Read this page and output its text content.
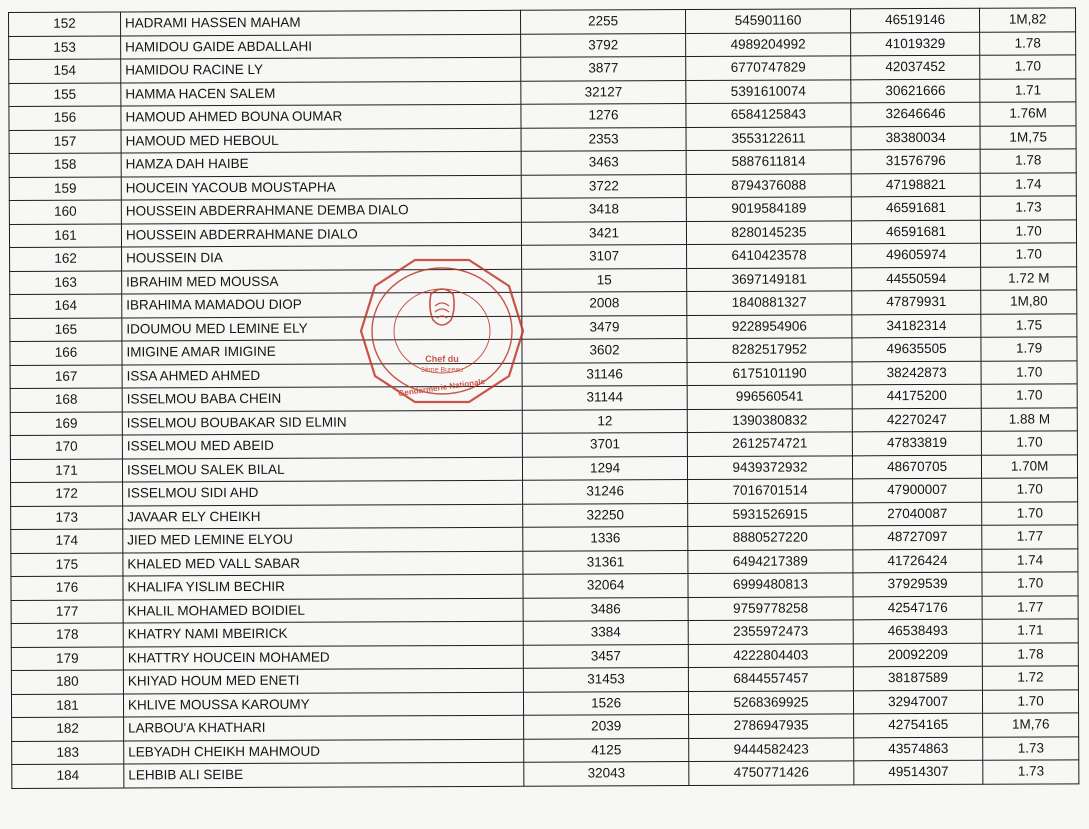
152	HADRAMI HASSEN MAHAM	2255	545901160	46519146	1M,82
153	HAMIDOU GAIDE ABDALLAHI	3792	4989204992	41019329	1.78
154	HAMIDOU RACINE LY	3877	6770747829	42037452	1.70
155	HAMMA HACEN SALEM	32127	5391610074	30621666	1.71
156	HAMOUD AHMED BOUNA OUMAR	1276	6584125843	32646646	1.76M
157	HAMOUD MED HEBOUL	2353	3553122611	38380034	1M,75
158	HAMZA DAH HAIBE	3463	5887611814	31576796	1.78
159	HOUCEIN YACOUB MOUSTAPHA	3722	8794376088	47198821	1.74
160	HOUSSEIN ABDERRAHMANE DEMBA DIALO	3418	9019584189	46591681	1.73
161	HOUSSEIN ABDERRAHMANE DIALO	3421	8280145235	46591681	1.70
162	HOUSSEIN DIA	3107	6410423578	49605974	1.70
163	IBRAHIM MED MOUSSA	15	3697149181	44550594	1.72 M
164	IBRAHIMA MAMADOU DIOP	2008	1840881327	47879931	1M,80
165	IDOUMOU MED LEMINE ELY	3479	9228954906	34182314	1.75
166	IMIGINE AMAR IMIGINE	3602	8282517952	49635505	1.79
167	ISSA AHMED AHMED	31146	6175101190	38242873	1.70
168	ISSELMOU BABA CHEIN	31144	996560541	44175200	1.70
169	ISSELMOU BOUBAKAR SID ELMIN	12	1390380832	42270247	1.88 M
170	ISSELMOU MED ABEID	3701	2612574721	47833819	1.70
171	ISSELMOU SALEK BILAL	1294	9439372932	48670705	1.70M
172	ISSELMOU SIDI AHD	31246	7016701514	47900007	1.70
173	JAVAAR ELY CHEIKH	32250	5931526915	27040087	1.70
174	JIED MED LEMINE ELYOU	1336	8880527220	48727097	1.77
175	KHALED MED VALL SABAR	31361	6494217389	41726424	1.74
176	KHALIFA YISLIM BECHIR	32064	6999480813	37929539	1.70
177	KHALIL MOHAMED BOIDIEL	3486	9759778258	42547176	1.77
178	KHATRY NAMI MBEIRICK	3384	2355972473	46538493	1.71
179	KHATTRY HOUCEIN MOHAMED	3457	4222804403	20092209	1.78
180	KHIYAD HOUM MED ENETI	31453	6844557457	38187589	1.72
181	KHLIVE MOUSSA KAROUMY	1526	5268369925	32947007	1.70
182	LARBOU'A KHATHARI	2039	2786947935	42754165	1M,76
183	LEBYADH CHEIKH MAHMOUD	4125	9444582423	43574863	1.73
184	LEHBIB ALI SEIBE	32043	4750771426	49514307	1.73
Chef du
3ème Bureau
Gendarmerie Nationale
